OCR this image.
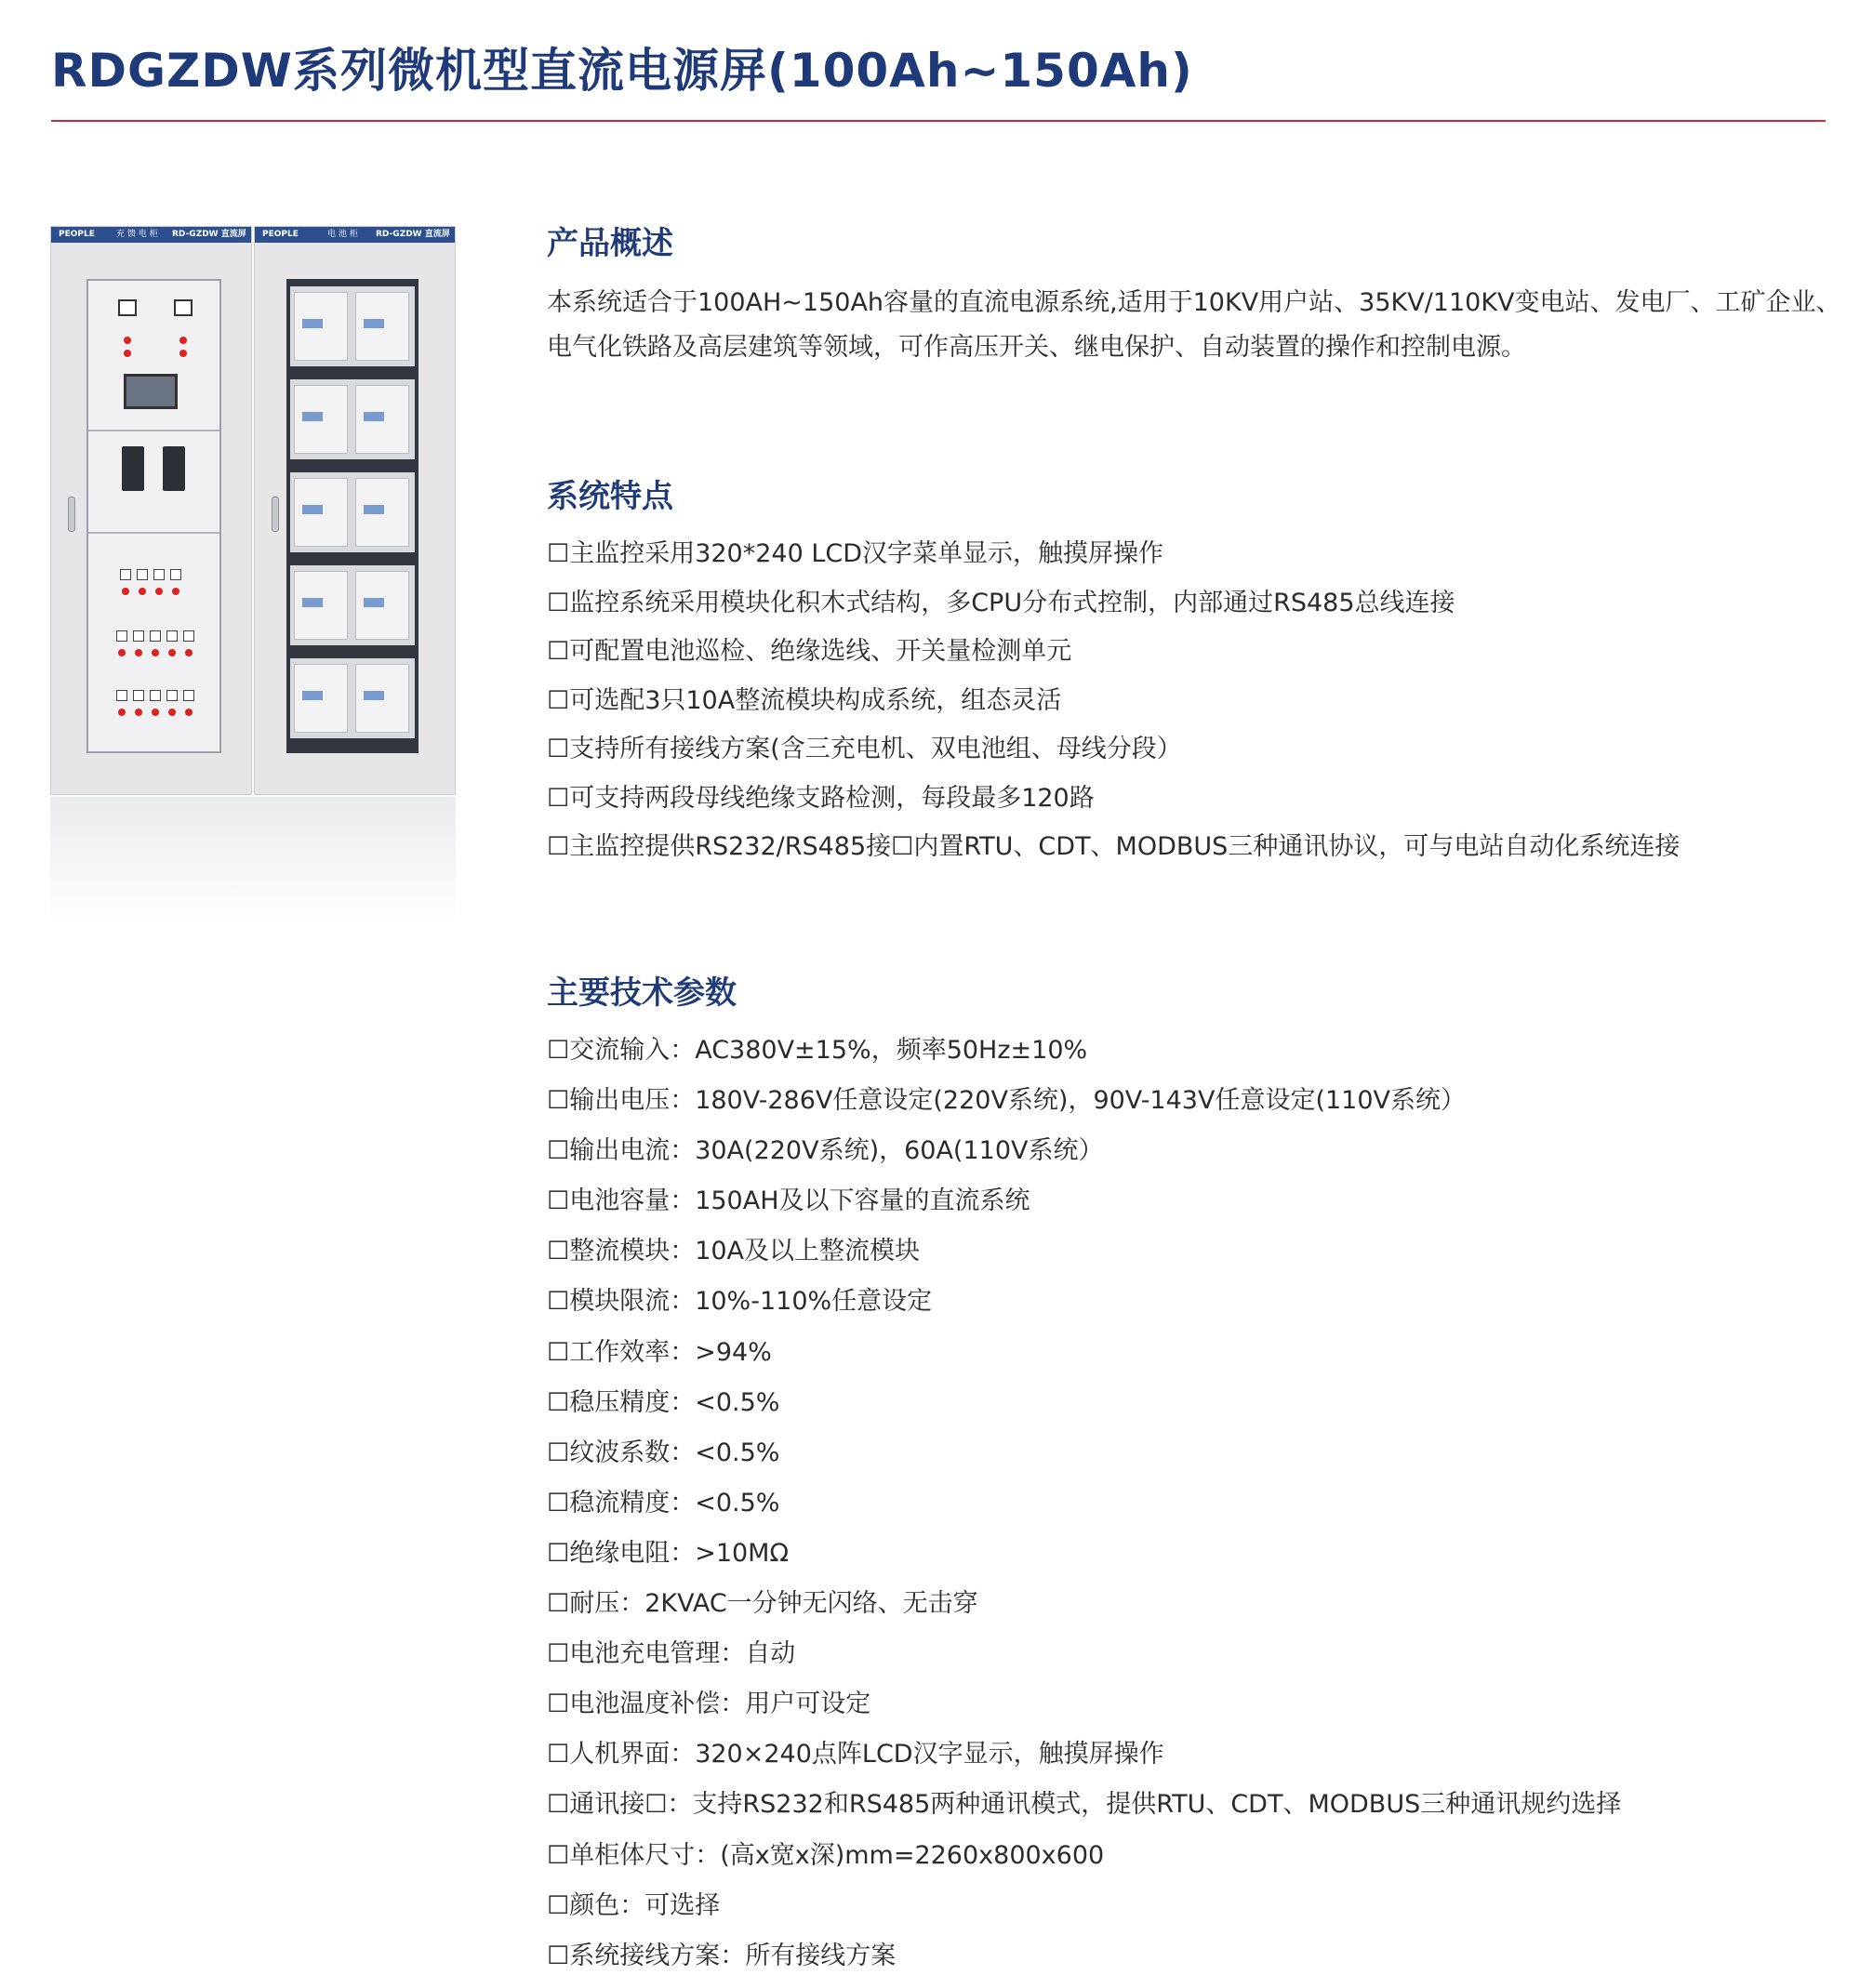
RDGZDW系列微机型直流电源屏(100Ah~150Ah)
PEOPLE	充 馈 电 柜 RD-GZDW 直流屏 PEOPLE	电 池 柜 RD-GZDW 直流屏	产品概述
本系统适合于100AH~150Ah容量的直流电源系统,适用于10KV用户站、35KV/110KV变电站、发电厂、工矿企业、电气化铁路及高层建筑等领域，可作高压开关、继电保护、自动装置的操作和控制电源。
系统特点
☐主监控采用320*240 LCD汉字菜单显示，触摸屏操作
☐监控系统采用模块化积木式结构，多CPU分布式控制，内部通过RS485总线连接
☐可配置电池巡检、绝缘选线、开关量检测单元
☐可选配3只10A整流模块构成系统，组态灵活
☐支持所有接线方案(含三充电机、双电池组、母线分段）
☐可支持两段母线绝缘支路检测，每段最多120路
☐主监控提供RS232/RS485接☐内置RTU、CDT、MODBUS三种通讯协议，可与电站自动化系统连接
主要技术参数
☐交流输入：AC380V±15%，频率50Hz±10%
☐输出电压：180V-286V任意设定(220V系统)，90V-143V任意设定(110V系统）
☐输出电流：30A(220V系统)，60A(110V系统）
☐电池容量：150AH及以下容量的直流系统
☐整流模块：10A及以上整流模块
☐模块限流：10%-110%任意设定
☐工作效率：>94%
☐稳压精度：<0.5%
☐纹波系数：<0.5%
☐稳流精度：<0.5%
☐绝缘电阻：>10MΩ
☐耐压：2KVAC一分钟无闪络、无击穿
☐电池充电管理：自动
☐电池温度补偿：用户可设定
☐人机界面：320×240点阵LCD汉字显示，触摸屏操作
☐通讯接☐：支持RS232和RS485两种通讯模式，提供RTU、CDT、MODBUS三种通讯规约选择
☐单柜体尺寸：(高x宽x深)mm=2260x800x600
☐颜色：可选择
☐系统接线方案：所有接线方案
